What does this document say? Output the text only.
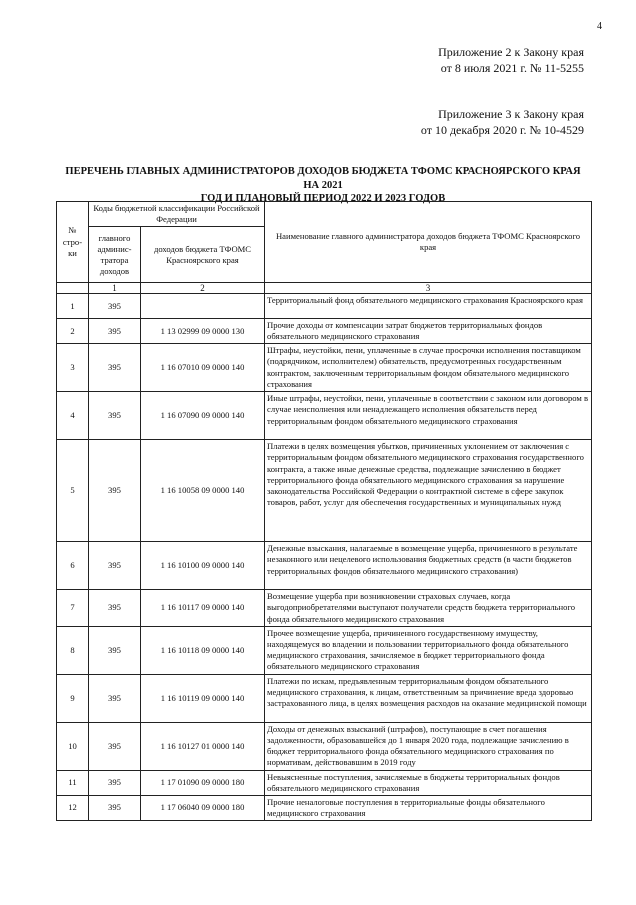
4
Приложение 2 к Закону края
от 8 июля 2021 г. № 11-5255
Приложение 3 к Закону края
от 10 декабря 2020 г. № 10-4529
ПЕРЕЧЕНЬ ГЛАВНЫХ АДМИНИСТРАТОРОВ ДОХОДОВ БЮДЖЕТА ТФОМС КРАСНОЯРСКОГО КРАЯ НА 2021
ГОД И ПЛАНОВЫЙ ПЕРИОД 2022 И 2023 ГОДОВ
№ стро-ки	Коды бюджетной классификации Российской Федерации		Наименование главного администратора доходов бюджета ТФОМС Красноярского края
	главного админис-тратора доходов	доходов бюджета ТФОМС Красноярского края	
	1	2	3
1	395		Территориальный фонд обязательного медицинского страхования Красноярского края
2	395	1 13 02999 09 0000 130	Прочие доходы от компенсации затрат бюджетов территориальных фондов обязательного медицинского страхования
3	395	1 16 07010 09 0000 140	Штрафы, неустойки, пени, уплаченные в случае просрочки исполнения поставщиком (подрядчиком, исполнителем) обязательств, предусмотренных государственным контрактом, заключенным территориальным фондом обязательного медицинского страхования
4	395	1 16 07090 09 0000 140	Иные штрафы, неустойки, пени, уплаченные в соответствии с законом или договором в случае неисполнения или ненадлежащего исполнения обязательств перед территориальным фондом обязательного медицинского страхования
5	395	1 16 10058 09 0000 140	Платежи в целях возмещения убытков, причиненных уклонением от заключения с территориальным фондом обязательного медицинского страхования государственного контракта, а также иные денежные средства, подлежащие зачислению в бюджет территориального фонда обязательного медицинского страхования за нарушение законодательства Российской Федерации о контрактной системе в сфере закупок товаров, работ, услуг для обеспечения государственных и муниципальных нужд
6	395	1 16 10100 09 0000 140	Денежные взыскания, налагаемые в возмещение ущерба, причиненного в результате незаконного или нецелевого использования бюджетных средств (в части бюджетов территориальных фондов обязательного медицинского страхования)
7	395	1 16 10117 09 0000 140	Возмещение ущерба при возникновении страховых случаев, когда выгодоприобретателями выступают получатели средств бюджета территориального фонда обязательного медицинского страхования
8	395	1 16 10118 09 0000 140	Прочее возмещение ущерба, причиненного государственному имуществу, находящемуся во владении и пользовании территориального фонда обязательного медицинского страхования, зачисляемое в бюджет территориального фонда обязательного медицинского страхования
9	395	1 16 10119 09 0000 140	Платежи по искам, предъявленным территориальным фондом обязательного медицинского страхования, к лицам, ответственным за причинение вреда здоровью застрахованного лица, в целях возмещения расходов на оказание медицинской помощи
10	395	1 16 10127 01 0000 140	Доходы от денежных взысканий (штрафов), поступающие в счет погашения задолженности, образовавшейся до 1 января 2020 года, подлежащие зачислению в бюджет территориального фонда обязательного медицинского страхования по нормативам, действовавшим в 2019 году
11	395	1 17 01090 09 0000 180	Невыясненные поступления, зачисляемые в бюджеты территориальных фондов обязательного медицинского страхования
12	395	1 17 06040 09 0000 180	Прочие неналоговые поступления в территориальные фонды обязательного медицинского страхования
